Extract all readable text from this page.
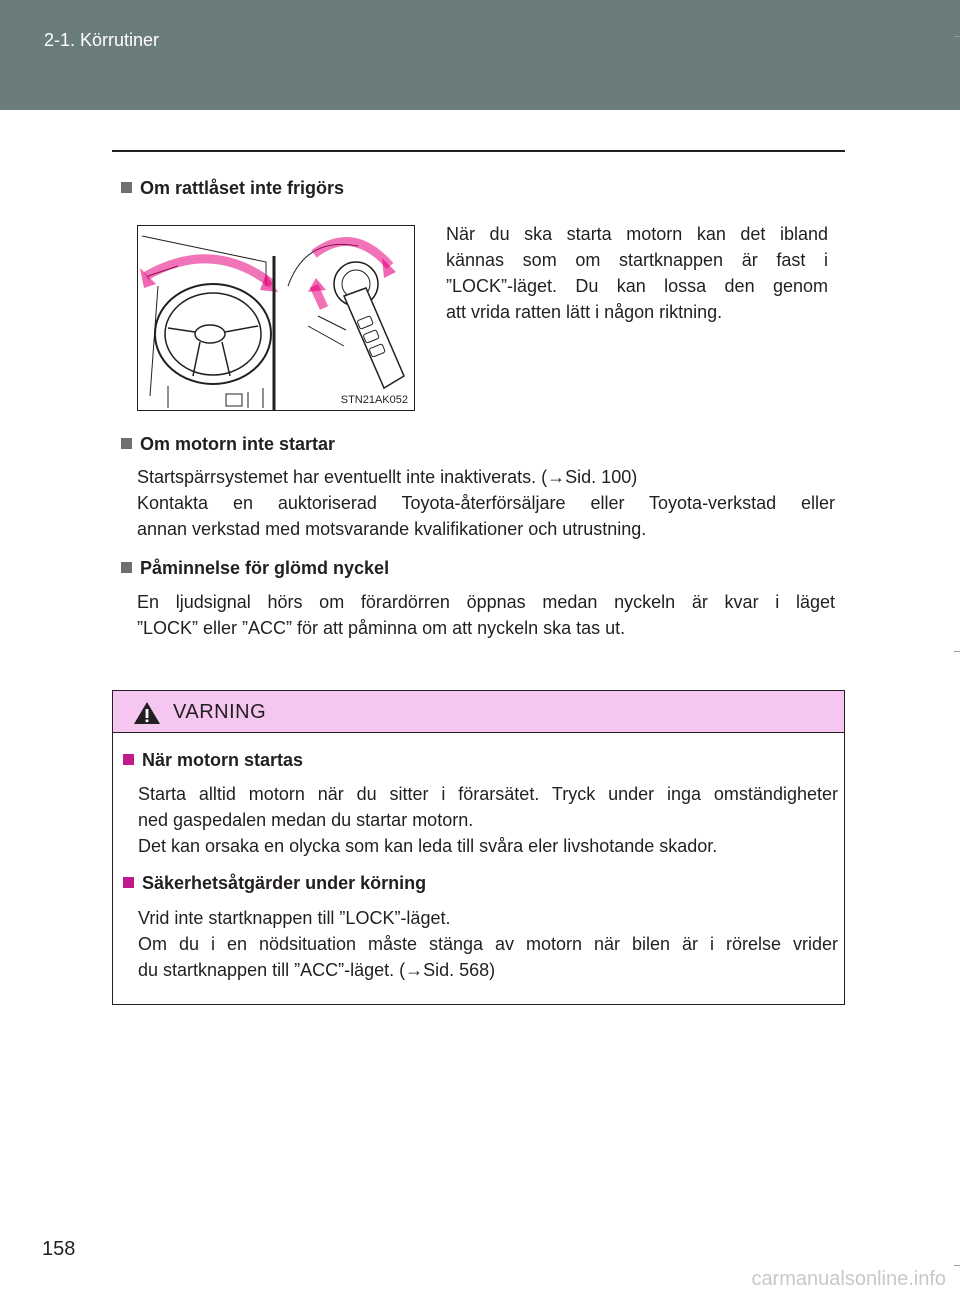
2-1. Körrutiner
Om rattlåset inte frigörs
STN21AK052
När du ska starta motorn kan det ibland
kännas som om startknappen är fast i
”LOCK”-läget. Du kan lossa den genom
att vrida ratten lätt i någon riktning.
Om motorn inte startar
Startspärrsystemet har eventuellt inte inaktiverats. (→Sid. 100)
Kontakta en auktoriserad Toyota-återförsäljare eller Toyota-verkstad eller
annan verkstad med motsvarande kvalifikationer och utrustning.
Påminnelse för glömd nyckel
En ljudsignal hörs om förardörren öppnas medan nyckeln är kvar i läget
”LOCK” eller ”ACC” för att påminna om att nyckeln ska tas ut.
VARNING
När motorn startas
Starta alltid motorn när du sitter i förarsätet. Tryck under inga omständigheter
ned gaspedalen medan du startar motorn.
Det kan orsaka en olycka som kan leda till svåra eler livshotande skador.
Säkerhetsåtgärder under körning
Vrid inte startknappen till ”LOCK”-läget.
Om du i en nödsituation måste stänga av motorn när bilen är i rörelse vrider
du startknappen till ”ACC”-läget. (→Sid. 568)
158
carmanualsonline.info
